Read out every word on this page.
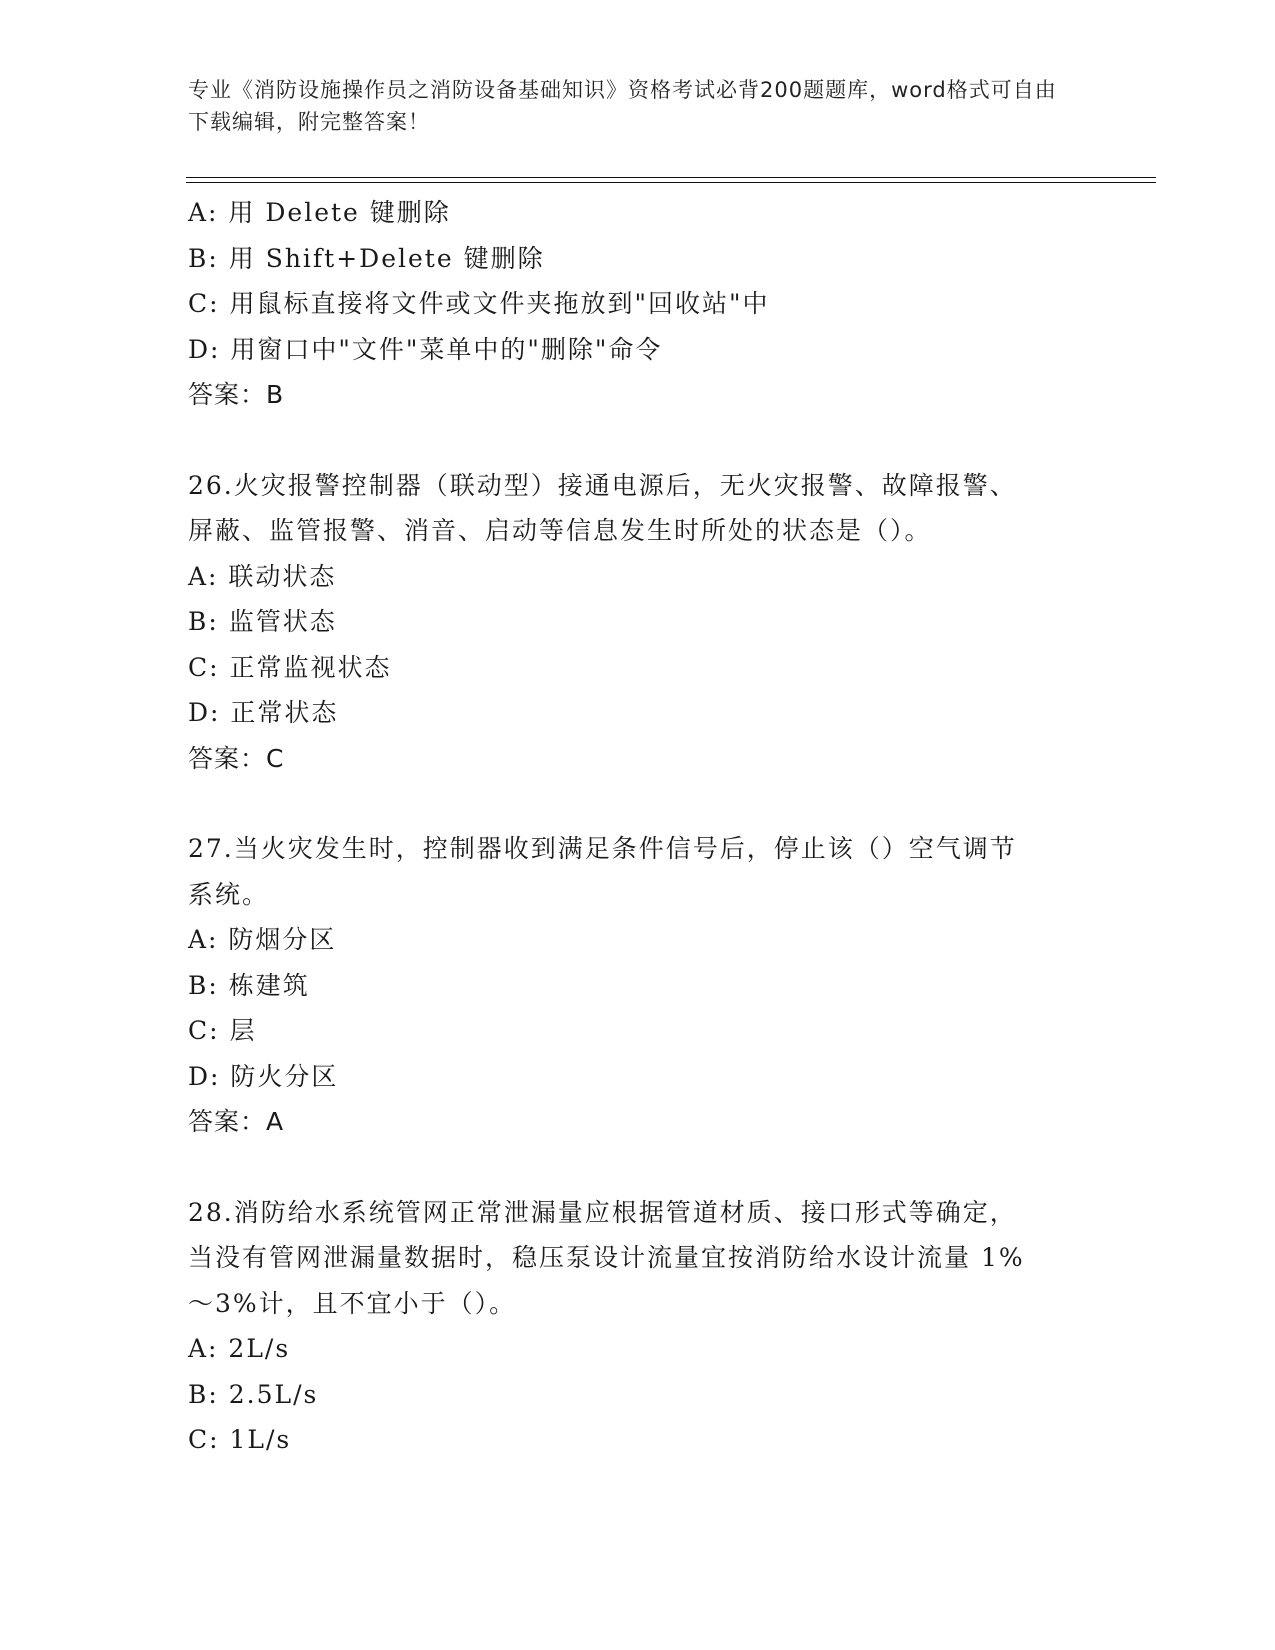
专业《消防设施操作员之消防设备基础知识》资格考试必背200题题库，word格式可自由下载编辑，附完整答案！

A: 用 Delete 键删除

B: 用 Shift+Delete 键删除

C: 用鼠标直接将文件或文件夹拖放到"回收站"中

D: 用窗口中"文件"菜单中的"删除"命令

答案：B

26.火灾报警控制器（联动型）接通电源后，无火灾报警、故障报警、

屏蔽、监管报警、消音、启动等信息发生时所处的状态是（）。

A: 联动状态

B: 监管状态

C: 正常监视状态

D: 正常状态

答案：C

27.当火灾发生时，控制器收到满足条件信号后，停止该（）空气调节

系统。

A: 防烟分区

B: 栋建筑

C: 层

D: 防火分区

答案：A

28.消防给水系统管网正常泄漏量应根据管道材质、接口形式等确定，

当没有管网泄漏量数据时，稳压泵设计流量宜按消防给水设计流量 1%

～3%计，且不宜小于（）。

A: 2L/s

B: 2.5L/s

C: 1L/s
